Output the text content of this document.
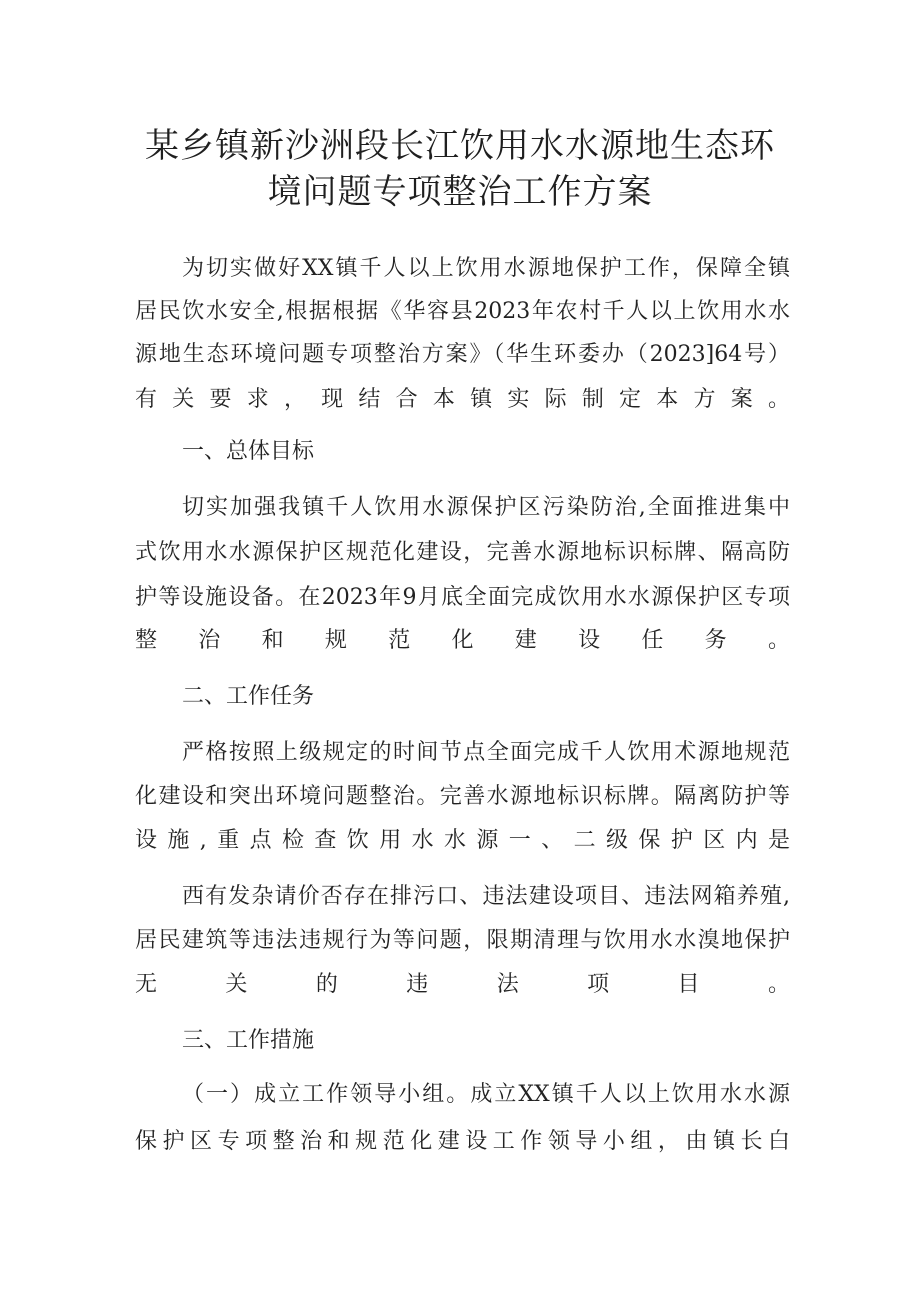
某乡镇新沙洲段长江饮用水水源地生态环
境问题专项整治工作方案
为切实做好XX镇千人以上饮用水源地保护工作，保障全镇
居民饮水安全,根据根据《华容县2023年农村千人以上饮用水水
源地生态环境问题专项整治方案》（华生环委办（2023]64号）
有关要求，现结合本镇实际制定本方案。
一、总体目标
切实加强我镇千人饮用水源保护区污染防治,全面推进集中
式饮用水水源保护区规范化建设，完善水源地标识标牌、隔高防
护等设施设备。在2023年9月底全面完成饮用水水源保护区专项
整治和规范化建设任务。
二、工作任务
严格按照上级规定的时间节点全面完成千人饮用术源地规范
化建设和突出环境问题整治。完善水源地标识标牌。隔离防护等
设施,重点检查饮用水水源一、二级保护区内是
西有发杂请价否存在排污口、违法建设项目、违法网箱养殖,
居民建筑等违法违规行为等问题，限期清理与饮用水水溴地保护
无关的违法项目。
三、工作措施
（一）成立工作领导小组。成立XX镇千人以上饮用水水源
保护区专项整治和规范化建设工作领导小组，由镇长白
